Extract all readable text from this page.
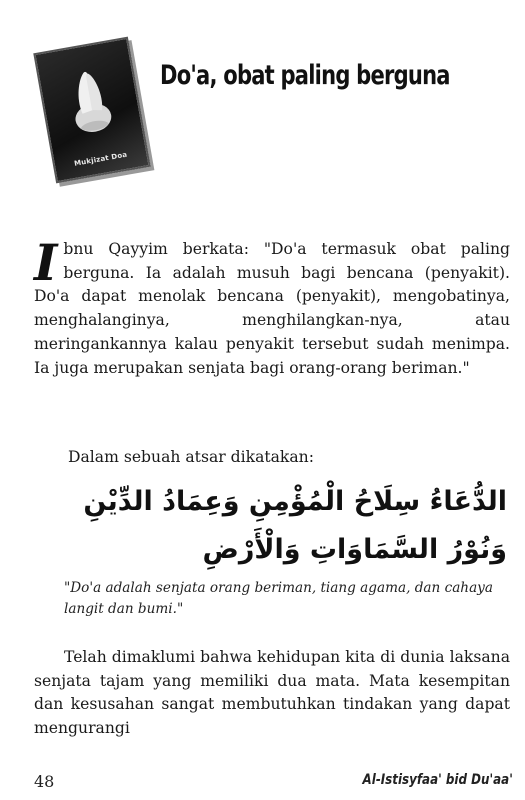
Mukjizat Doa
Do'a, obat paling berguna

Ibnu Qayyim berkata: "Do'a termasuk obat paling berguna. Ia adalah musuh bagi bencana (penyakit). Do'a dapat menolak bencana (penyakit), mengobatinya, menghalanginya, menghilangkan-nya, atau meringankannya kalau penyakit tersebut sudah menimpa. Ia juga merupakan senjata bagi orang-orang beriman."

Dalam sebuah atsar dikatakan:

الدُّعَاءُ سِلَاحُ الْمُؤْمِنِ وَعِمَادُ الدِّيْنِ وَنُوْرُ السَّمَاوَاتِ وَالْأَرْضِ

"Do'a adalah senjata orang beriman, tiang agama, dan cahaya langit dan bumi."

Telah dimaklumi bahwa kehidupan kita di dunia laksana senjata tajam yang memiliki dua mata. Mata kesempitan dan kesusahan sangat membutuhkan tindakan yang dapat mengurangi

48	Al-Istisyfaa' bid Du'aa'
